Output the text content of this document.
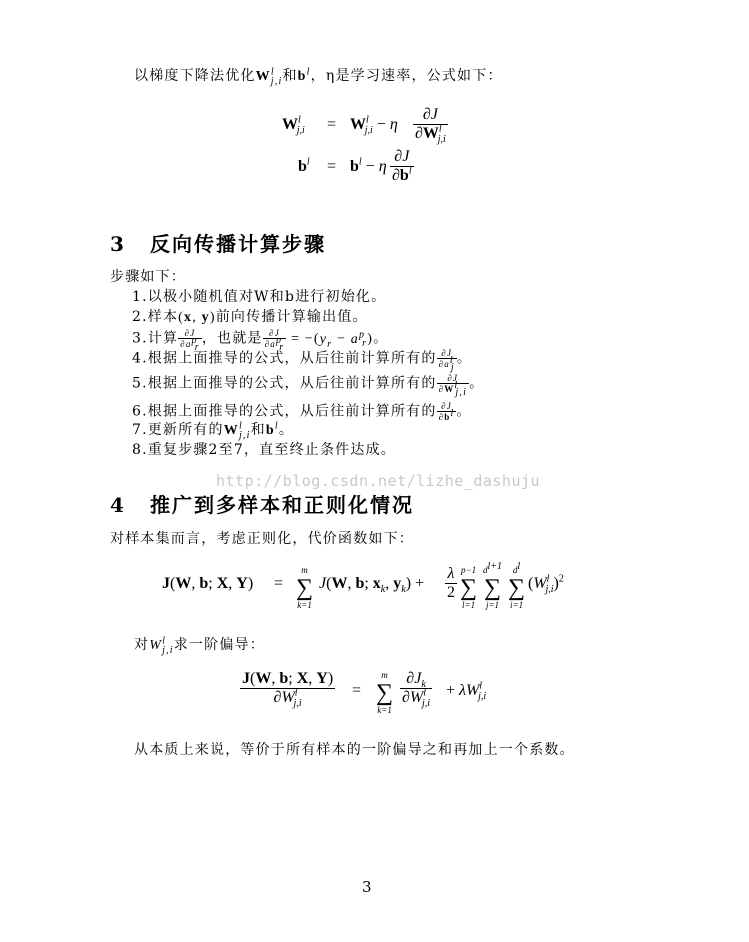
以梯度下降法优化$W^l_{j,i}$和$b^l$，η是学习速率，公式如下：
$W^l_{j,i} = W^l_{j,i} - \eta$
∂J
$\partial W^l_{j,i}$
$b^l = b^l - \eta \frac{\partial J}{\partial b^l}$
3 反向传播计算步骤
步骤如下：
1.以极小随机值对W和b进行初始化。
2.样本(x, y)前向传播计算输出值。
3.计算 $\frac{\partial J}{\partial a^p_r}$ ，也就是 $\frac{\partial J}{\partial a^p_r} = -(y_r - a^p_r)$。
4.根据上面推导的公式，从后往前计算所有的 $\frac{\partial J}{\partial a^l_j}$ 。
5.根据上面推导的公式，从后往前计算所有的 $\frac{\partial J}{\partial W^l_{j,i}}$ 。
6.根据上面推导的公式，从后往前计算所有的 $\frac{\partial J}{\partial b^l}$ 。
7.更新所有的$W^l_{j,i}$和$b^l$。
8.重复步骤2至7，直至终止条件达成。
http://blog.csdn.net/lizhe_dashuju
4 推广到多样本和正则化情况
对样本集而言，考虑正则化，代价函数如下：
J(W, b; X, Y) =
m
∑
k=1
J(W, b; $x_k$, $y_k) + \frac{\lambda}{2} p-1$
∑
l=1
$d^{l+1}$
∑
j=1
$d^l$
∑
i=1
$(W^l_{j,i})^2$
对$W^l_{j,i}$求一阶偏导：
J(W, b; X, Y)
$\partial W^l_{j,i}$
=
m
∑
k=1
$\partial J_k$
$\partial W^l_{j,i}$
+ $\lambda W^l_{j,i}$
从本质上来说，等价于所有样本的一阶偏导之和再加上一个系数。
3
